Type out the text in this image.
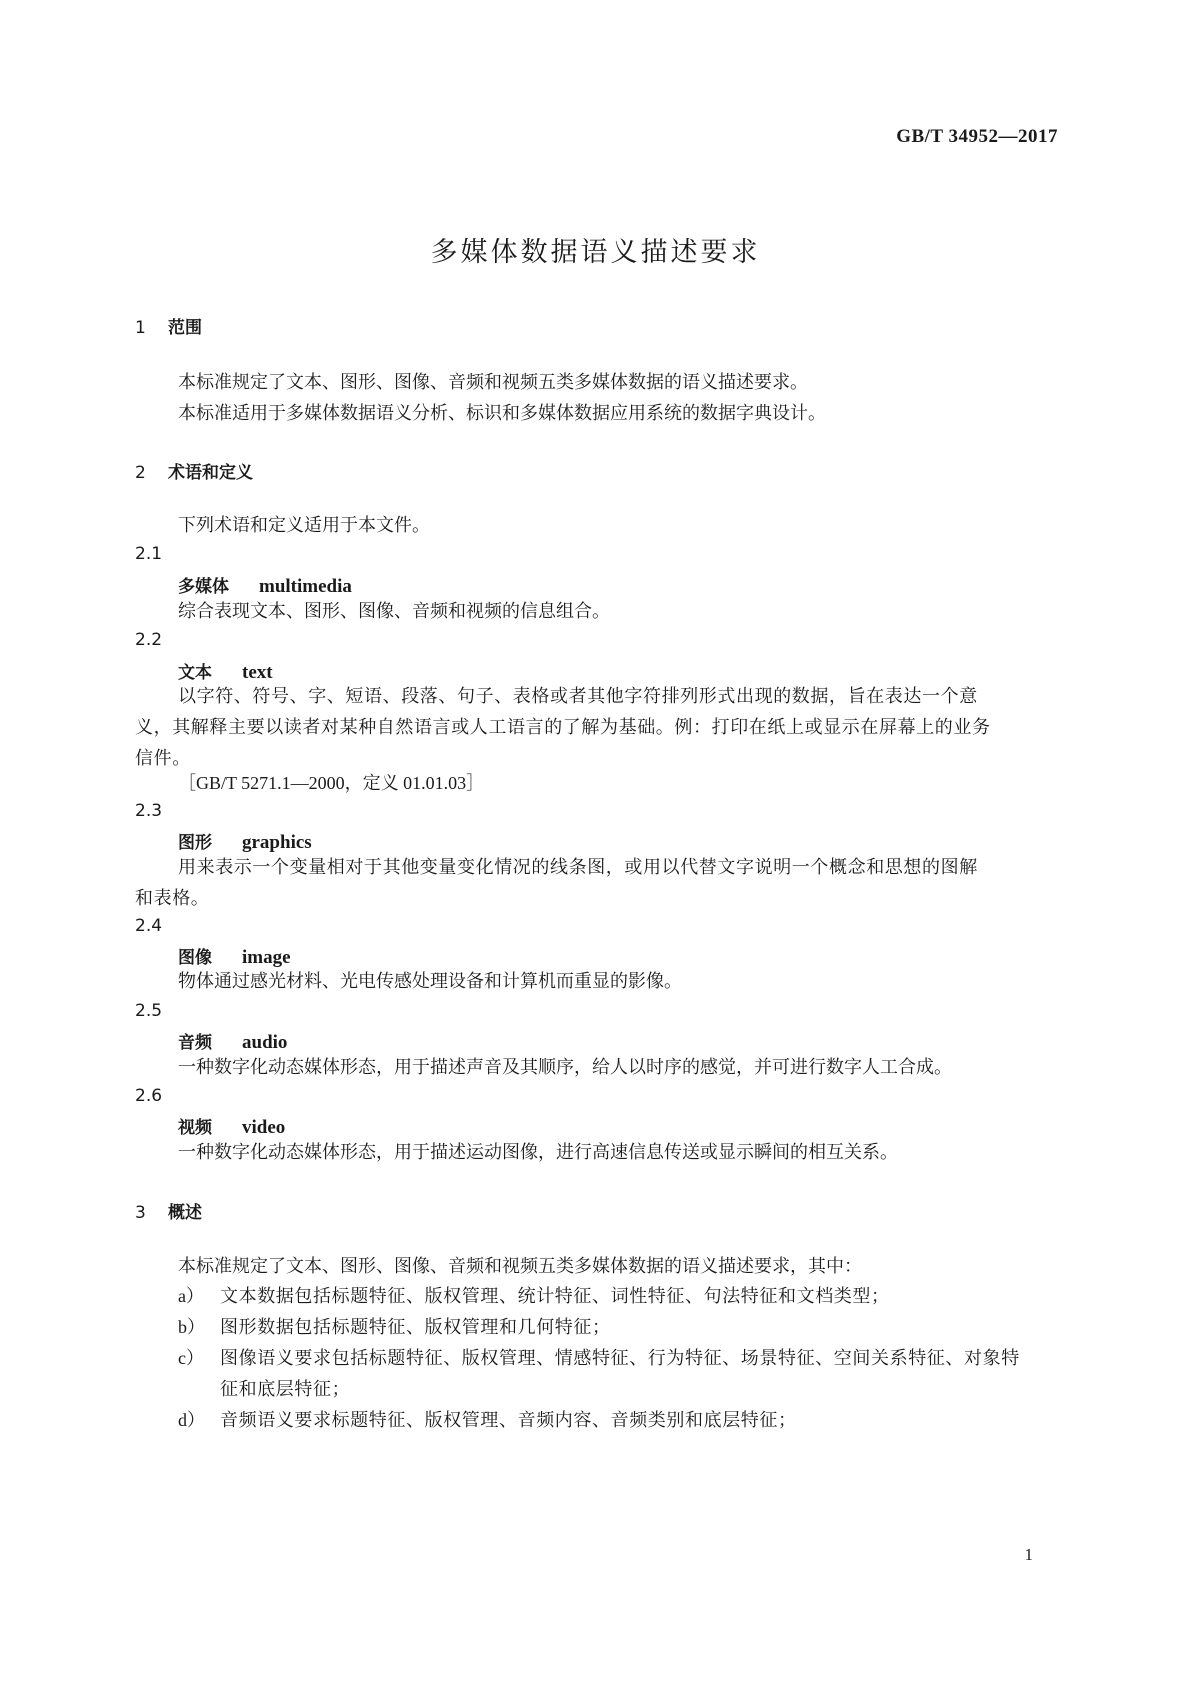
GB/T 34952—2017
多媒体数据语义描述要求
1 范围
本标准规定了文本、图形、图像、音频和视频五类多媒体数据的语义描述要求。
本标准适用于多媒体数据语义分析、标识和多媒体数据应用系统的数据字典设计。
2 术语和定义
下列术语和定义适用于本文件。
2.1
多媒体 multimedia
综合表现文本、图形、图像、音频和视频的信息组合。
2.2
文本 text
以字符、符号、字、短语、段落、句子、表格或者其他字符排列形式出现的数据，旨在表达一个意义，其解释主要以读者对某种自然语言或人工语言的了解为基础。例：打印在纸上或显示在屏幕上的业务信件。
［GB/T 5271.1—2000，定义 01.01.03］
2.3
图形 graphics
用来表示一个变量相对于其他变量变化情况的线条图，或用以代替文字说明一个概念和思想的图解和表格。
2.4
图像 image
物体通过感光材料、光电传感处理设备和计算机而重显的影像。
2.5
音频 audio
一种数字化动态媒体形态，用于描述声音及其顺序，给人以时序的感觉，并可进行数字人工合成。
2.6
视频 video
一种数字化动态媒体形态，用于描述运动图像，进行高速信息传送或显示瞬间的相互关系。
3 概述
本标准规定了文本、图形、图像、音频和视频五类多媒体数据的语义描述要求，其中：
a） 文本数据包括标题特征、版权管理、统计特征、词性特征、句法特征和文档类型；
b） 图形数据包括标题特征、版权管理和几何特征；
c） 图像语义要求包括标题特征、版权管理、情感特征、行为特征、场景特征、空间关系特征、对象特征和底层特征；
d） 音频语义要求标题特征、版权管理、音频内容、音频类别和底层特征；
1
